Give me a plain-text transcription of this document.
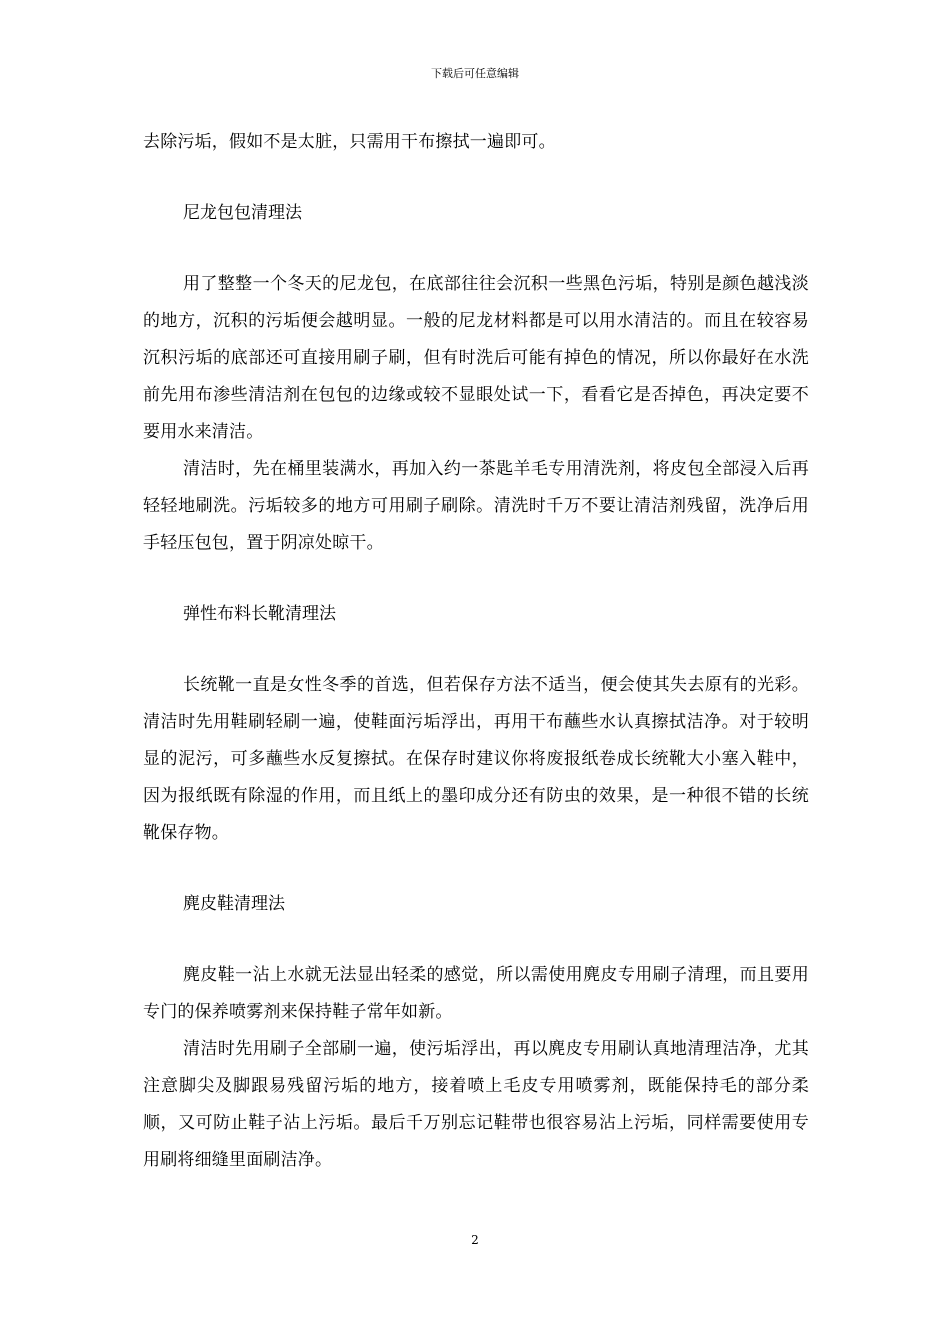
下载后可任意编辑

去除污垢，假如不是太脏，只需用干布擦拭一遍即可。

尼龙包包清理法

用了整整一个冬天的尼龙包，在底部往往会沉积一些黑色污垢，特别是颜色越浅淡的地方，沉积的污垢便会越明显。一般的尼龙材料都是可以用水清洁的。而且在较容易沉积污垢的底部还可直接用刷子刷，但有时洗后可能有掉色的情况，所以你最好在水洗前先用布渗些清洁剂在包包的边缘或较不显眼处试一下，看看它是否掉色，再决定要不要用水来清洁。

清洁时，先在桶里装满水，再加入约一茶匙羊毛专用清洗剂，将皮包全部浸入后再轻轻地刷洗。污垢较多的地方可用刷子刷除。清洗时千万不要让清洁剂残留，洗净后用手轻压包包，置于阴凉处晾干。

弹性布料长靴清理法

长统靴一直是女性冬季的首选，但若保存方法不适当，便会使其失去原有的光彩。清洁时先用鞋刷轻刷一遍，使鞋面污垢浮出，再用干布蘸些水认真擦拭洁净。对于较明显的泥污，可多蘸些水反复擦拭。在保存时建议你将废报纸卷成长统靴大小塞入鞋中，因为报纸既有除湿的作用，而且纸上的墨印成分还有防虫的效果，是一种很不错的长统靴保存物。

麂皮鞋清理法

麂皮鞋一沾上水就无法显出轻柔的感觉，所以需使用麂皮专用刷子清理，而且要用专门的保养喷雾剂来保持鞋子常年如新。

清洁时先用刷子全部刷一遍，使污垢浮出，再以麂皮专用刷认真地清理洁净，尤其注意脚尖及脚跟易残留污垢的地方，接着喷上毛皮专用喷雾剂，既能保持毛的部分柔顺，又可防止鞋子沾上污垢。最后千万别忘记鞋带也很容易沾上污垢，同样需要使用专用刷将细缝里面刷洁净。

2
